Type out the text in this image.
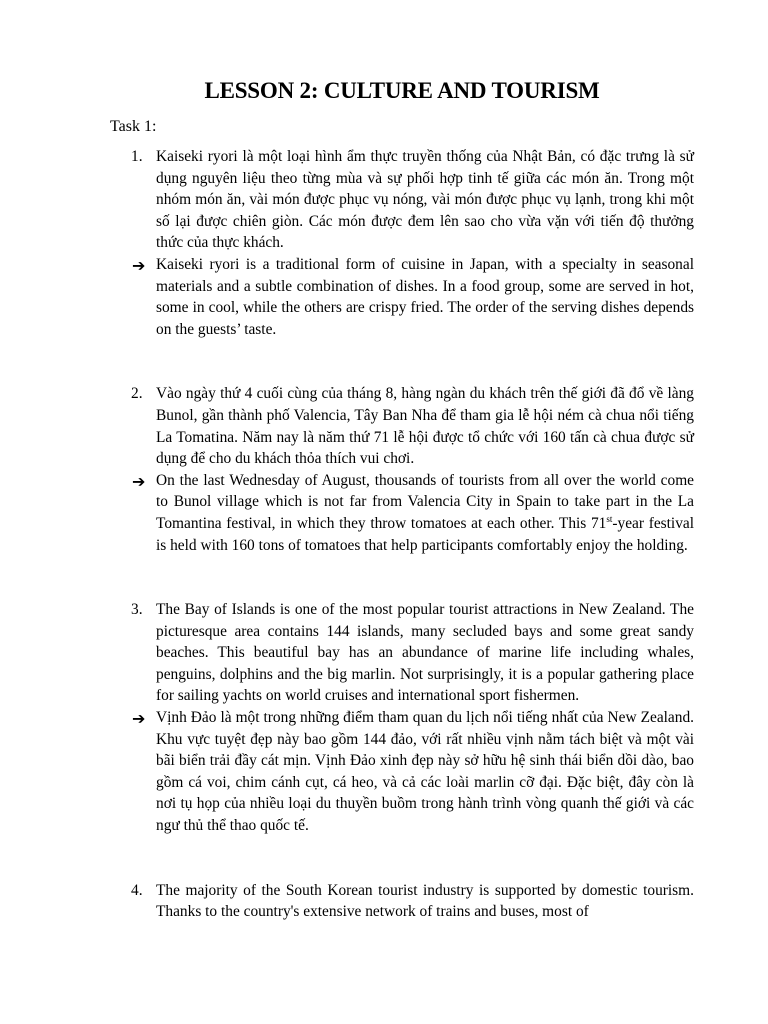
LESSON 2: CULTURE AND TOURISM
Task 1:
1. Kaiseki ryori là một loại hình ẩm thực truyền thống của Nhật Bản, có đặc trưng là sử dụng nguyên liệu theo từng mùa và sự phối hợp tinh tế giữa các món ăn. Trong một nhóm món ăn, vài món được phục vụ nóng, vài món được phục vụ lạnh, trong khi một số lại được chiên giòn. Các món được đem lên sao cho vừa vặn với tiến độ thưởng thức của thực khách.

➔ Kaiseki ryori is a traditional form of cuisine in Japan, with a specialty in seasonal materials and a subtle combination of dishes. In a food group, some are served in hot, some in cool, while the others are crispy fried. The order of the serving dishes depends on the guests’ taste.

2. Vào ngày thứ 4 cuối cùng của tháng 8, hàng ngàn du khách trên thế giới đã đổ về làng Bunol, gần thành phố Valencia, Tây Ban Nha để tham gia lễ hội ném cà chua nổi tiếng La Tomatina. Năm nay là năm thứ 71 lễ hội được tổ chức với 160 tấn cà chua được sử dụng để cho du khách thỏa thích vui chơi.

➔ On the last Wednesday of August, thousands of tourists from all over the world come to Bunol village which is not far from Valencia City in Spain to take part in the La Tomantina festival, in which they throw tomatoes at each other. This 71st-year festival is held with 160 tons of tomatoes that help participants comfortably enjoy the holding.

3. The Bay of Islands is one of the most popular tourist attractions in New Zealand. The picturesque area contains 144 islands, many secluded bays and some great sandy beaches. This beautiful bay has an abundance of marine life including whales, penguins, dolphins and the big marlin. Not surprisingly, it is a popular gathering place for sailing yachts on world cruises and international sport fishermen.

➔ Vịnh Đảo là một trong những điểm tham quan du lịch nổi tiếng nhất của New Zealand. Khu vực tuyệt đẹp này bao gồm 144 đảo, với rất nhiều vịnh nằm tách biệt và một vài bãi biển trải đầy cát mịn. Vịnh Đảo xinh đẹp này sở hữu hệ sinh thái biển dồi dào, bao gồm cá voi, chim cánh cụt, cá heo, và cả các loài marlin cỡ đại. Đặc biệt, đây còn là nơi tụ họp của nhiều loại du thuyền buồm trong hành trình vòng quanh thế giới và các ngư thủ thể thao quốc tế.

4. The majority of the South Korean tourist industry is supported by domestic tourism. Thanks to the country's extensive network of trains and buses, most of
